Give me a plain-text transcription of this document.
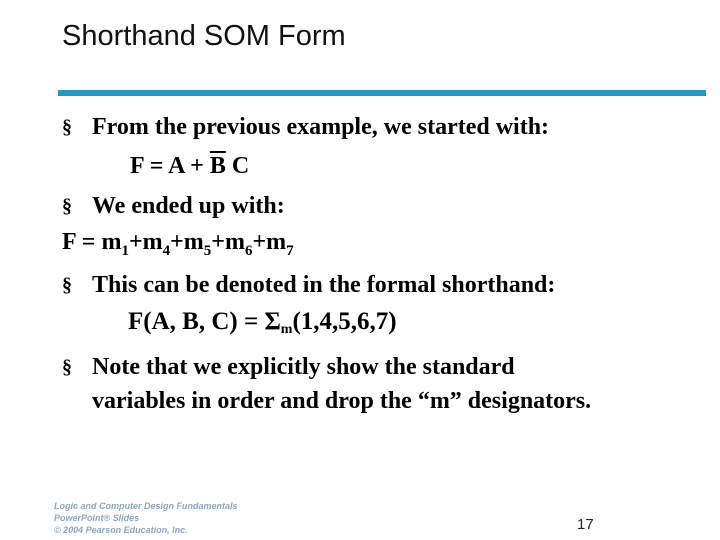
Shorthand SOM Form
§ From the previous example, we started with:
$F = A + \overline{B}$ C
§ We ended up with:
$F = m_1+m_4+m_5+m_6+m_7$
§ This can be denoted in the formal shorthand:
F(A, B, $C) = \Sigma_m(1,4,5,6,7)$
§ Note that we explicitly show the standard variables in order and drop the “m” designators.
Logic and Computer Design Fundamentals
PowerPoint® Slides
© 2004 Pearson Education, Inc.	17
